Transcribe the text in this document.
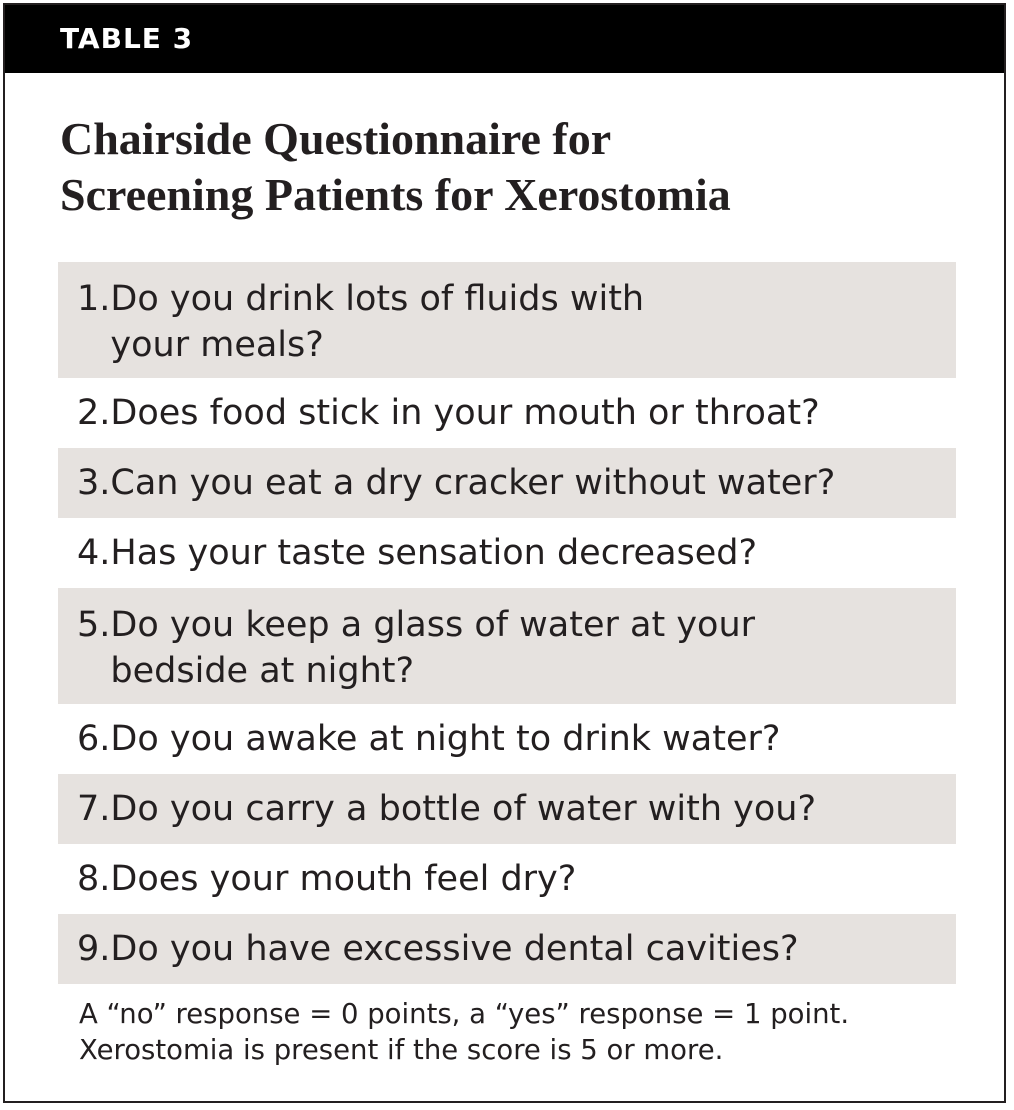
TABLE 3
Chairside Questionnaire for
Screening Patients for Xerostomia
1. Do you drink lots of fluids with
your meals?
2. Does food stick in your mouth or throat?
3. Can you eat a dry cracker without water?
4. Has your taste sensation decreased?
5. Do you keep a glass of water at your
bedside at night?
6. Do you awake at night to drink water?
7. Do you carry a bottle of water with you?
8. Does your mouth feel dry?
9. Do you have excessive dental cavities?

A “no” response = 0 points, a “yes” response = 1 point.
Xerostomia is present if the score is 5 or more.
